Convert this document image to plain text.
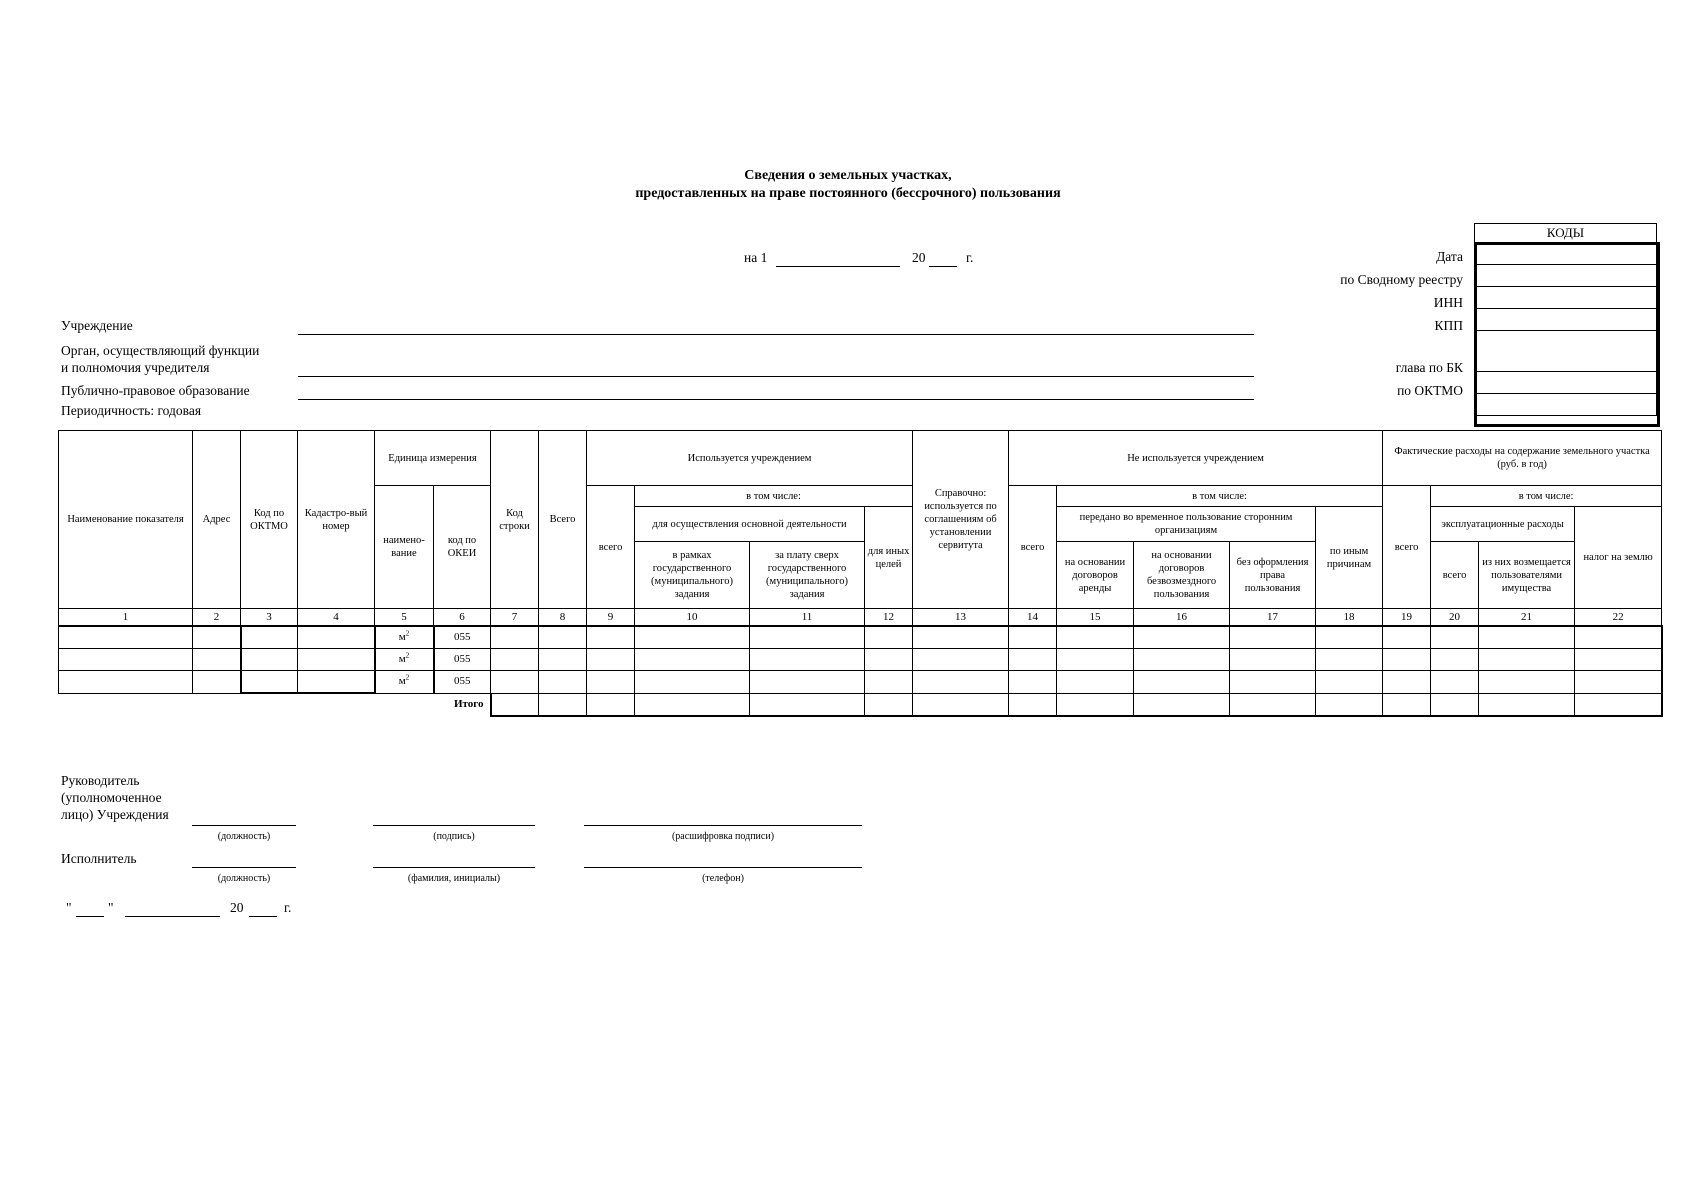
Сведения о земельных участках,
предоставленных на праве постоянного (бессрочного) пользования
на 1	20	г.	Дата
по Сводному реестру
ИНН
КПП
глава по БК
по ОКТМО
КОДЫ

Учреждение
Орган, осуществляющий функции
и полномочия учредителя
Публично-правовое образование
Периодичность: годовая
Наименование показателя	Адрес	Код по ОКТМО	Кадастро-вый номер	Единица измерения		Код строки	Всего	Используется учреждением				Справочно: используется по соглашениям об установлении сервитута	Не используется учреждением					Фактические расходы на содержание земельного участка (руб. в год)			
				наимено-вание	код по ОКЕИ			всего	в том числе:				всего	в том числе:				всего	в том числе:		
									для осуществления основной деятельности		для иных целей			передано во временное пользование сторонним организациям			по иным причинам		эксплуатационные расходы		налог на землю
									в рамках государственного (муниципального) задания	за плату сверх государственного (муниципального) задания				на основании договоров аренды	на основании договоров безвозмездного пользования	без оформления права пользования			всего	из них возмещается пользователями имущества	
1	2	3	4	5	6	7	8	9	10	11	12	13	14	15	16	17	18	19	20	21	22
				$м^2$	055																
				$м^2$	055																
				$м^2$	055																
					Итого																
Руководитель
(уполномоченное
лицо) Учреждения
(должность)	(подпись)	(расшифровка подписи)
Исполнитель
(должность)	(фамилия, инициалы)	(телефон)
"	"	20	г.
